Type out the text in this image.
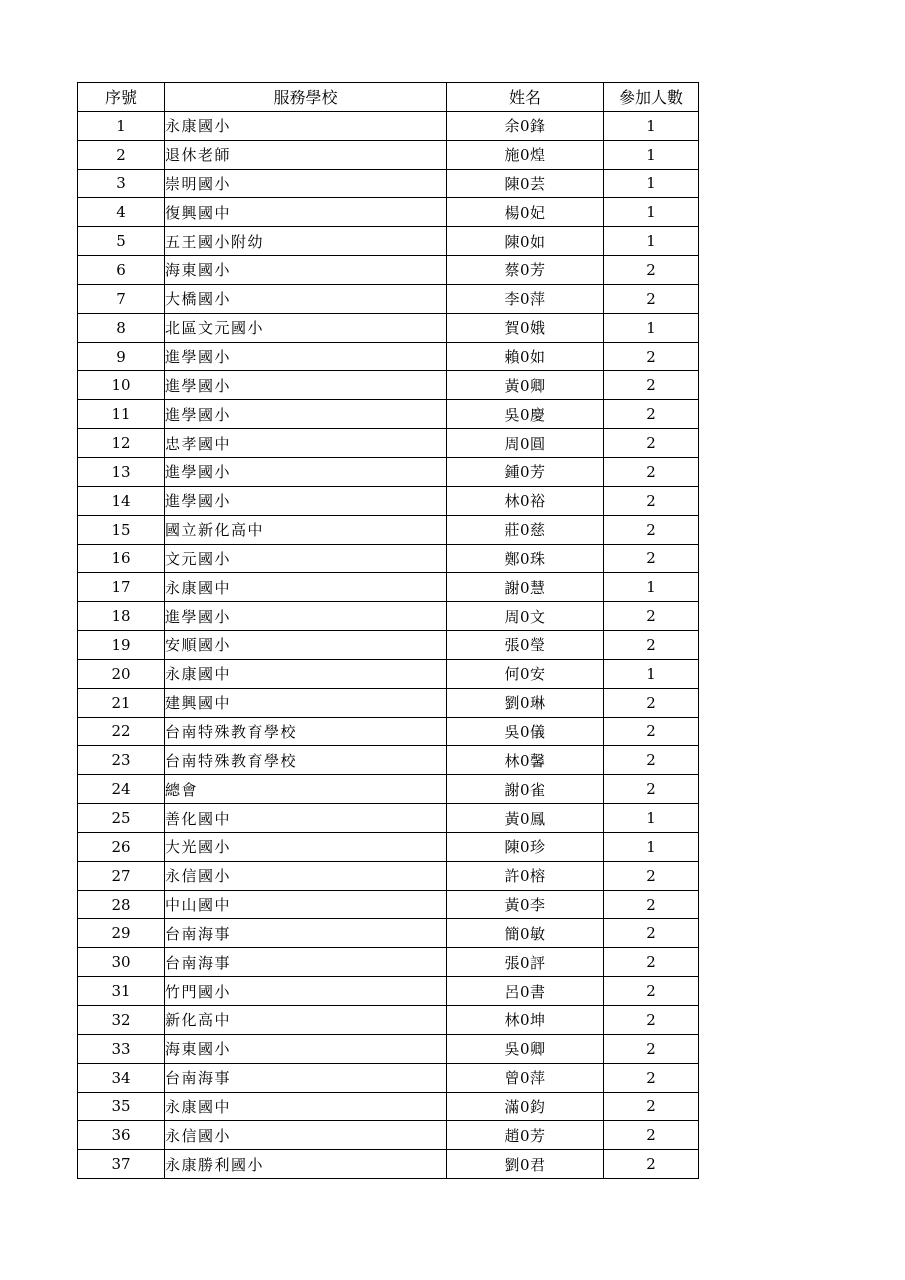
序號	服務學校	姓名	參加人數
1	永康國小	余0鋒	1
2	退休老師	施0煌	1
3	崇明國小	陳0芸	1
4	復興國中	楊0妃	1
5	五王國小附幼	陳0如	1
6	海東國小	蔡0芳	2
7	大橋國小	李0萍	2
8	北區文元國小	賀0娥	1
9	進學國小	賴0如	2
10	進學國小	黃0卿	2
11	進學國小	吳0慶	2
12	忠孝國中	周0圓	2
13	進學國小	鍾0芳	2
14	進學國小	林0裕	2
15	國立新化高中	莊0慈	2
16	文元國小	鄭0珠	2
17	永康國中	謝0慧	1
18	進學國小	周0文	2
19	安順國小	張0瑩	2
20	永康國中	何0安	1
21	建興國中	劉0琳	2
22	台南特殊教育學校	吳0儀	2
23	台南特殊教育學校	林0馨	2
24	總會	謝0雀	2
25	善化國中	黃0鳳	1
26	大光國小	陳0珍	1
27	永信國小	許0榕	2
28	中山國中	黃0李	2
29	台南海事	簡0敏	2
30	台南海事	張0評	2
31	竹門國小	呂0書	2
32	新化高中	林0坤	2
33	海東國小	吳0卿	2
34	台南海事	曾0萍	2
35	永康國中	滿0鈞	2
36	永信國小	趙0芳	2
37	永康勝利國小	劉0君	2
